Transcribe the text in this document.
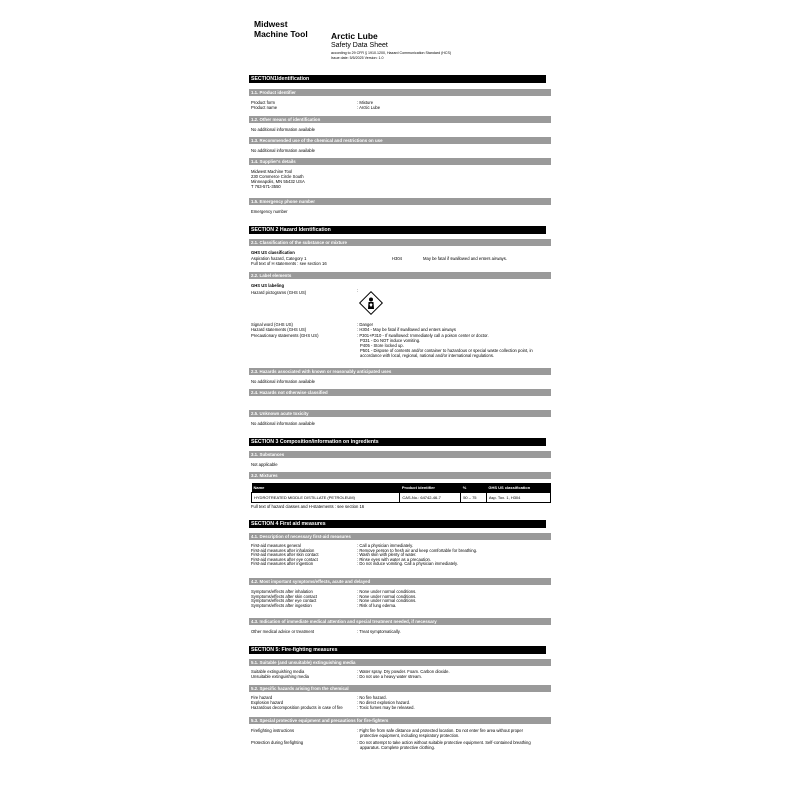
Midwest
Machine Tool	Arctic Lube
Safety Data Sheet
according to 29 CFR § 1910.1200, Hazard Communication Standard (HCS)
Issue date: 5/5/2025 Version: 1.0
SECTION1Identification
1.1. Product identifier
Product form	: Mixture
Product name	: Arctic Lube
1.2. Other means of identification
No additional information available
1.3. Recommended use of the chemical and restrictions on use
No additional information available
1.4. Supplier's details
Midwest Machine Tool
230 Commerce Circle South
Minneapolis, MN 55432 USA
T 763-571-3550
1.5. Emergency phone number
Emergency number
SECTION 2 Hazard Identification
2.1. Classification of the substance or mixture
GHS US classification
Aspiration hazard, Category 1	H304	May be fatal if swallowed and enters airways.
Full text of H statements : see section 16
2.2. Label elements
GHS US labeling
Hazard pictograms (GHS US)	:
Signal word (GHS US)	: Danger
Hazard statements (GHS US)	: H304 - May be fatal if swallowed and enters airways
Precautionary statements (GHS US)	: P301+P310 - If swallowed: Immediately call a poison center or doctor.
P331 - Do NOT induce vomiting.
P405 - Store locked up.
P501 - Dispose of contents and/or container to hazardous or special waste collection point, in
accordance with local, regional, national and/or international regulations.
2.3. Hazards associated with known or reasonably anticipated uses
No additional information available
2.4. Hazards not otherwise classified
2.5. Unknown acute toxicity
No additional information available
SECTION 3 Composition/information on ingredients
3.1. Substances
Not applicable
3.2. Mixtures
Name	Product identifier	%	GHS US classification
HYDROTREATED MIDDLE DISTILLATE (PETROLEUM)	CAS-No.: 64742-46-7	50 – 75	Asp. Tox. 1, H304
Full text of hazard classes and H-statements : see section 16
SECTION 4 First aid measures
4.1. Description of necessary first-aid measures
First-aid measures general	: Call a physician immediately.
First-aid measures after inhalation	: Remove person to fresh air and keep comfortable for breathing.
First-aid measures after skin contact	: Wash skin with plenty of water.
First-aid measures after eye contact	: Rinse eyes with water as a precaution.
First-aid measures after ingestion	: Do not induce vomiting. Call a physician immediately.
4.2. Most important symptoms/effects, acute and delayed
Symptoms/effects after inhalation	: None under normal conditions.
Symptoms/effects after skin contact	: None under normal conditions.
Symptoms/effects after eye contact	: None under normal conditions.
Symptoms/effects after ingestion	: Risk of lung edema.
4.3. Indication of immediate medical attention and special treatment needed, if necessary
Other medical advice or treatment	: Treat symptomatically.
SECTION 5: Fire-fighting measures
5.1. Suitable (and unsuitable) extinguishing media
Suitable extinguishing media	: Water spray. Dry powder. Foam. Carbon dioxide.
Unsuitable extinguishing media	: Do not use a heavy water stream.
5.2. Specific hazards arising from the chemical
Fire hazard	: No fire hazard.
Explosion hazard	: No direct explosion hazard.
Hazardous decomposition products in case of fire	: Toxic fumes may be released.
5.3. Special protective equipment and precautions for fire-fighters
Firefighting instructions	: Fight fire from safe distance and protected location. Do not enter fire area without proper
protective equipment, including respiratory protection.
Protection during firefighting	: Do not attempt to take action without suitable protective equipment. Self-contained breathing
apparatus. Complete protective clothing.
